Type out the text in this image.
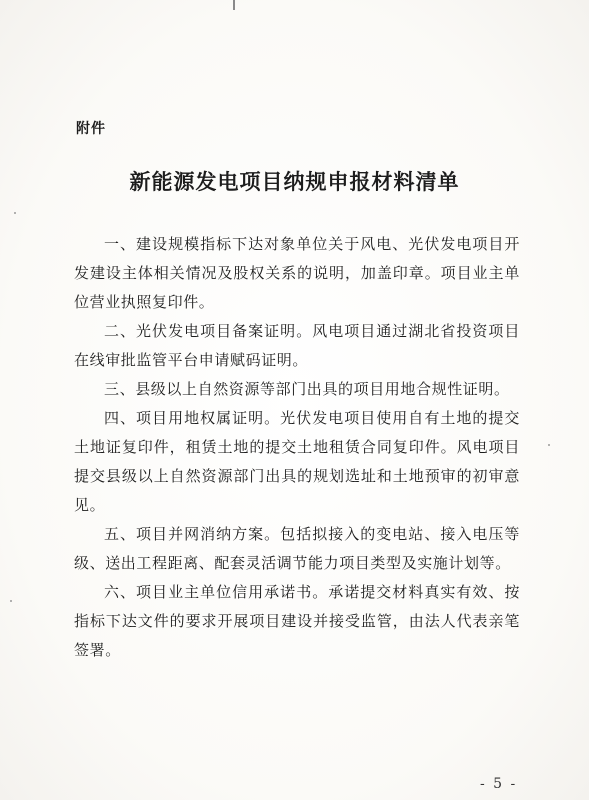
附件
新能源发电项目纳规申报材料清单

一、建设规模指标下达对象单位关于风电、光伏发电项目开发建设主体相关情况及股权关系的说明，加盖印章。项目业主单位营业执照复印件。

二、光伏发电项目备案证明。风电项目通过湖北省投资项目在线审批监管平台申请赋码证明。

三、县级以上自然资源等部门出具的项目用地合规性证明。

四、项目用地权属证明。光伏发电项目使用自有土地的提交土地证复印件，租赁土地的提交土地租赁合同复印件。风电项目提交县级以上自然资源部门出具的规划选址和土地预审的初审意见。

五、项目并网消纳方案。包括拟接入的变电站、接入电压等级、送出工程距离、配套灵活调节能力项目类型及实施计划等。

六、项目业主单位信用承诺书。承诺提交材料真实有效、按指标下达文件的要求开展项目建设并接受监管，由法人代表亲笔签署。

- 5 -
